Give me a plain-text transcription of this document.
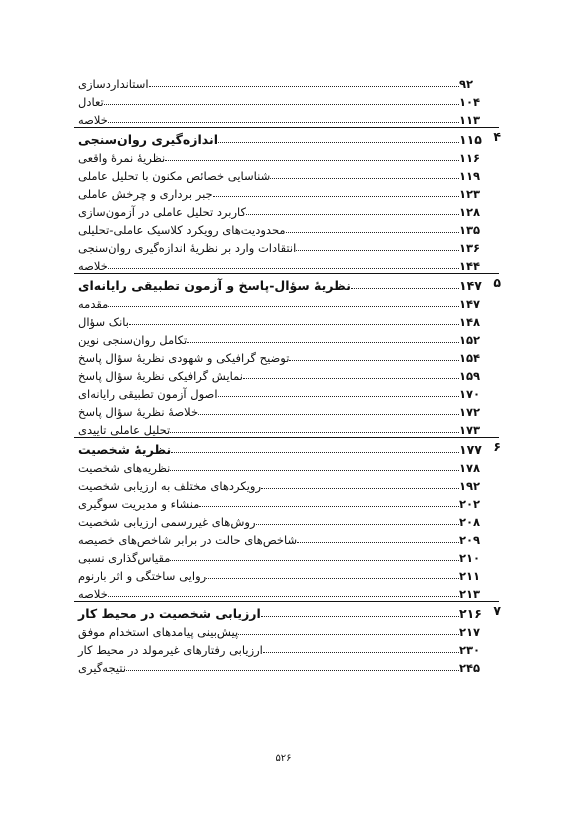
استانداردسازی	۹۲
تعادل	۱۰۴
خلاصه	۱۱۳
اندازه‌گیری روان‌سنجی	۱۱۵ ۴
نظریهٔ نمرهٔ واقعی	۱۱۶
شناسایی خصائص مکنون با تحلیل عاملی	۱۱۹
جبر برداری و چرخش عاملی	۱۲۳
کاربرد تحلیل عاملی در آزمون‌سازی	۱۲۸
محدودیت‌های رویکرد کلاسیک عاملی-تحلیلی	۱۳۵
انتقادات وارد بر نظریهٔ اندازه‌گیری روان‌سنجی	۱۳۶
خلاصه	۱۴۴
نظریهٔ سؤال-پاسخ و آزمون تطبیقی رایانه‌ای	۱۴۷ ۵
مقدمه	۱۴۷
بانک سؤال	۱۴۸
تکامل روان‌سنجی نوین	۱۵۲
توضیح گرافیکی و شهودی نظریهٔ سؤال پاسخ	۱۵۴
نمایش گرافیکی نظریهٔ سؤال پاسخ	۱۵۹
اصول آزمون تطبیقی رایانه‌ای	۱۷۰
خلاصهٔ نظریهٔ سؤال پاسخ	۱۷۲
تحلیل عاملی تاییدی	۱۷۳
نظریهٔ شخصیت	۱۷۷ ۶
نظریه‌های شخصیت	۱۷۸
رویکردهای مختلف به ارزیابی شخصیت	۱۹۲
منشاء و مدیریت سوگیری	۲۰۲
روش‌های غیررسمی ارزیابی شخصیت	۲۰۸
شاخص‌های حالت در برابر شاخص‌های خصیصه	۲۰۹
مقیاس‌گذاری نسبی	۲۱۰
روایی ساختگی و اثر بارنوم	۲۱۱
خلاصه	۲۱۳
ارزیابی شخصیت در محیط کار	۲۱۶ ۷
پیش‌بینی پیامدهای استخدام موفق	۲۱۷
ارزیابی رفتارهای غیرمولد در محیط کار	۲۳۰
نتیجه‌گیری	۲۴۵
۵۲۶
